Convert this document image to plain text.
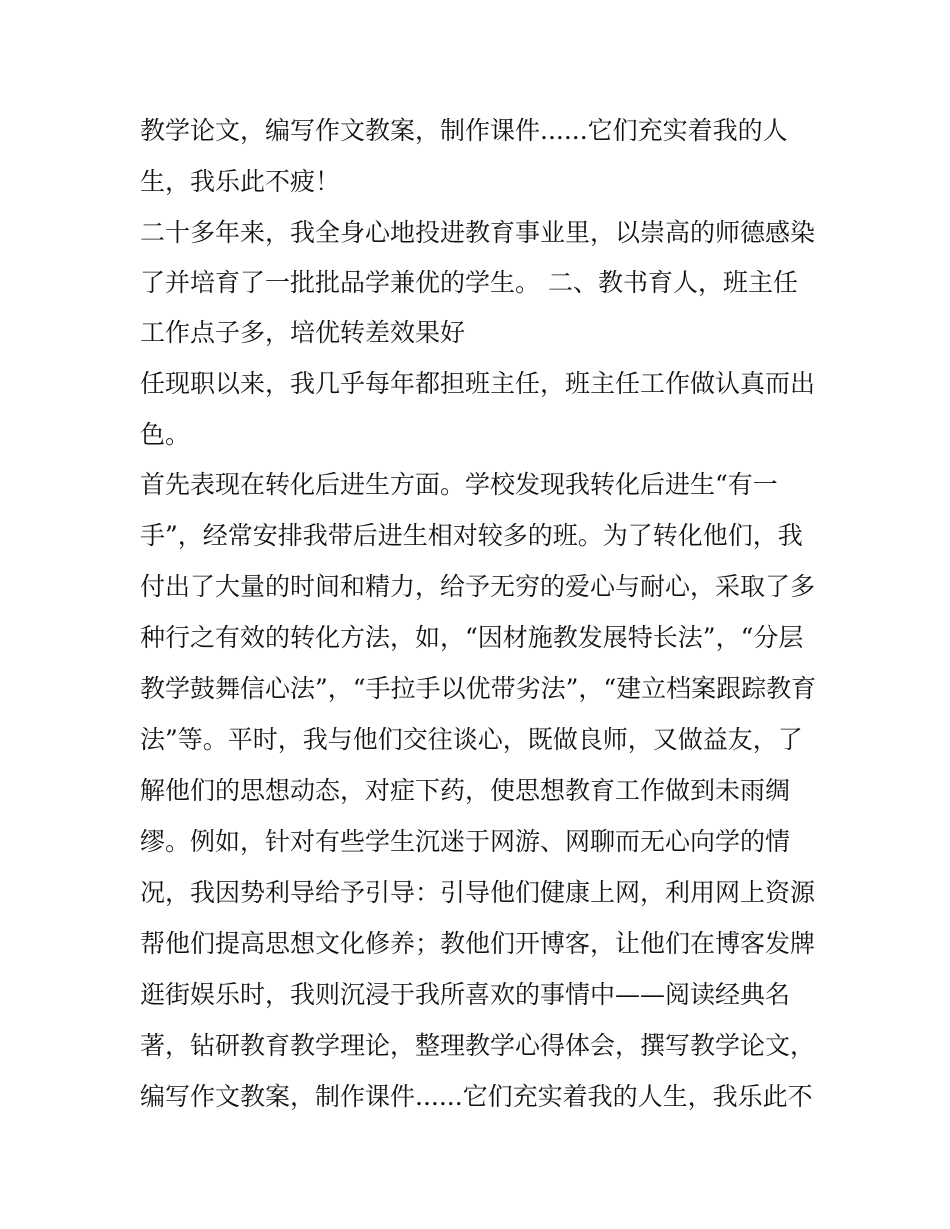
教学论文，编写作文教案，制作课件......它们充实着我的人

生，我乐此不疲！

二十多年来，我全身心地投进教育事业里，以崇高的师德感染

了并培育了一批批品学兼优的学生。 二、教书育人，班主任

工作点子多，培优转差效果好

任现职以来，我几乎每年都担班主任，班主任工作做认真而出

色。

首先表现在转化后进生方面。学校发现我转化后进生“有一

手”，经常安排我带后进生相对较多的班。为了转化他们，我

付出了大量的时间和精力，给予无穷的爱心与耐心，采取了多

种行之有效的转化方法，如，“因材施教发展特长法”，“分层

教学鼓舞信心法”，“手拉手以优带劣法”，“建立档案跟踪教育

法”等。平时，我与他们交往谈心，既做良师，又做益友，了

解他们的思想动态，对症下药，使思想教育工作做到未雨绸

缪。例如，针对有些学生沉迷于网游、网聊而无心向学的情

况，我因势利导给予引导：引导他们健康上网，利用网上资源

帮他们提高思想文化修养；教他们开博客，让他们在博客发牌

逛街娱乐时，我则沉浸于我所喜欢的事情中——阅读经典名

著，钻研教育教学理论，整理教学心得体会，撰写教学论文，

编写作文教案，制作课件......它们充实着我的人生，我乐此不
